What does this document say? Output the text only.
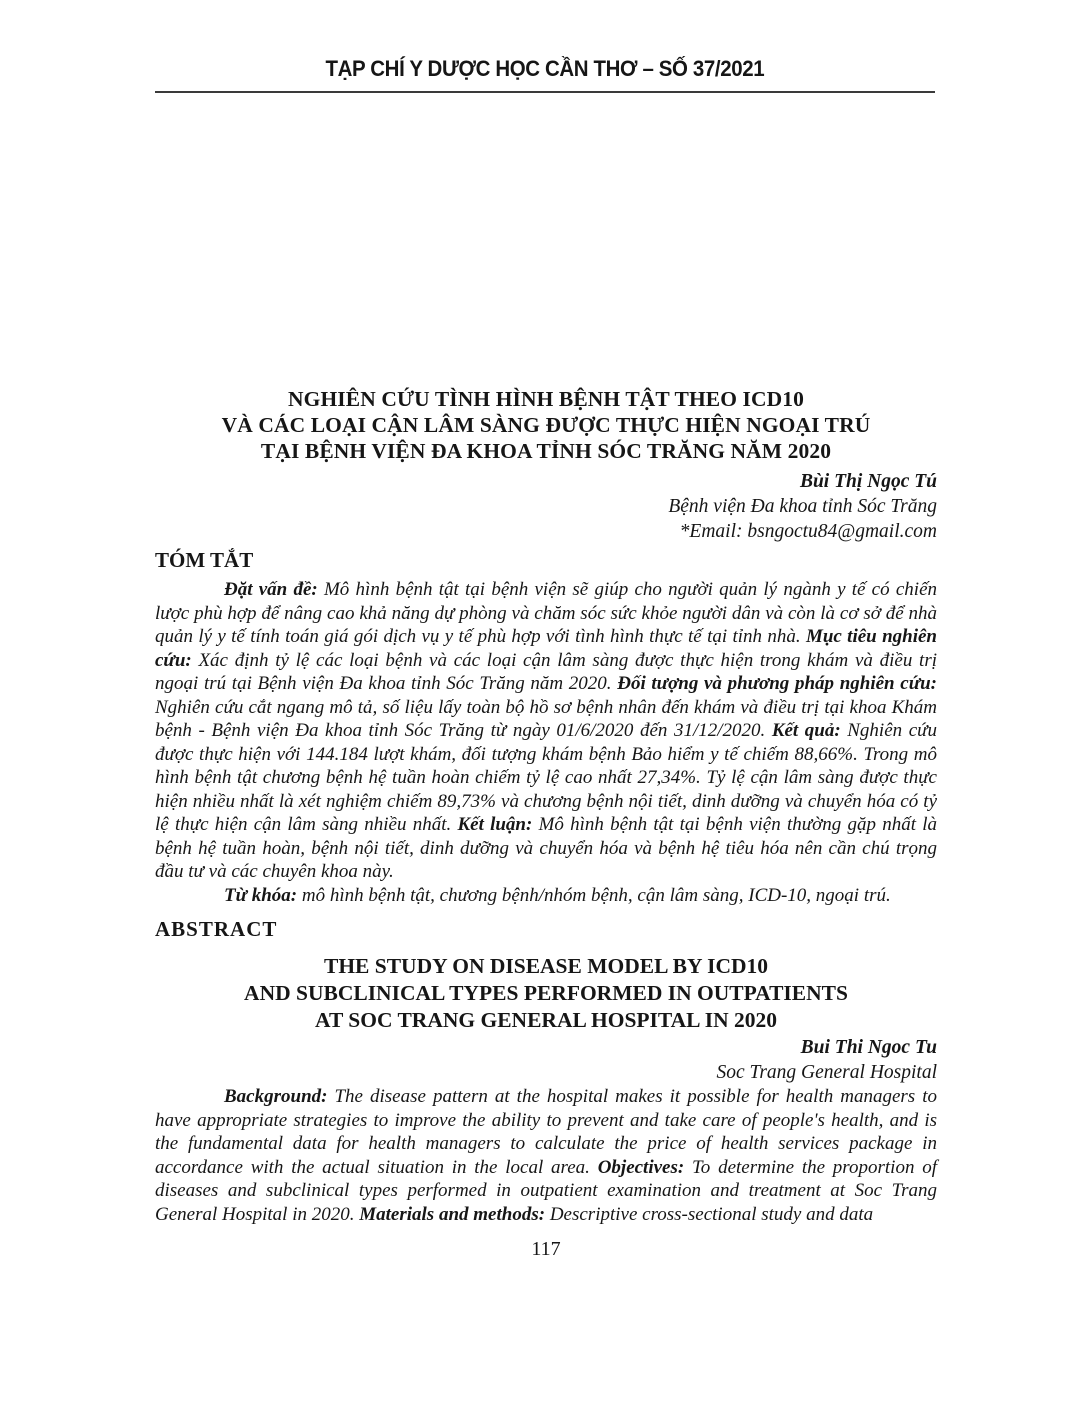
TẠP CHÍ Y DƯỢC HỌC CẦN THƠ – SỐ 37/2021
NGHIÊN CỨU TÌNH HÌNH BỆNH TẬT THEO ICD10
VÀ CÁC LOẠI CẬN LÂM SÀNG ĐƯỢC THỰC HIỆN NGOẠI TRÚ
TẠI BỆNH VIỆN ĐA KHOA TỈNH SÓC TRĂNG NĂM 2020
Bùi Thị Ngọc Tú
Bệnh viện Đa khoa tỉnh Sóc Trăng
*Email: bsngoctu84@gmail.com
TÓM TẮT

Đặt vấn đề: Mô hình bệnh tật tại bệnh viện sẽ giúp cho người quản lý ngành y tế có chiến lược phù hợp để nâng cao khả năng dự phòng và chăm sóc sức khỏe người dân và còn là cơ sở để nhà quản lý y tế tính toán giá gói dịch vụ y tế phù hợp với tình hình thực tế tại tỉnh nhà. Mục tiêu nghiên cứu: Xác định tỷ lệ các loại bệnh và các loại cận lâm sàng được thực hiện trong khám và điều trị ngoại trú tại Bệnh viện Đa khoa tỉnh Sóc Trăng năm 2020. Đối tượng và phương pháp nghiên cứu: Nghiên cứu cắt ngang mô tả, số liệu lấy toàn bộ hồ sơ bệnh nhân đến khám và điều trị tại khoa Khám bệnh - Bệnh viện Đa khoa tỉnh Sóc Trăng từ ngày 01/6/2020 đến 31/12/2020. Kết quả: Nghiên cứu được thực hiện với 144.184 lượt khám, đối tượng khám bệnh Bảo hiểm y tế chiếm 88,66%. Trong mô hình bệnh tật chương bệnh hệ tuần hoàn chiếm tỷ lệ cao nhất 27,34%. Tỷ lệ cận lâm sàng được thực hiện nhiều nhất là xét nghiệm chiếm 89,73% và chương bệnh nội tiết, dinh dưỡng và chuyển hóa có tỷ lệ thực hiện cận lâm sàng nhiều nhất. Kết luận: Mô hình bệnh tật tại bệnh viện thường gặp nhất là bệnh hệ tuần hoàn, bệnh nội tiết, dinh dưỡng và chuyển hóa và bệnh hệ tiêu hóa nên cần chú trọng đầu tư và các chuyên khoa này.

Từ khóa: mô hình bệnh tật, chương bệnh/nhóm bệnh, cận lâm sàng, ICD-10, ngoại trú.

ABSTRACT
THE STUDY ON DISEASE MODEL BY ICD10
AND SUBCLINICAL TYPES PERFORMED IN OUTPATIENTS
AT SOC TRANG GENERAL HOSPITAL IN 2020
Bui Thi Ngoc Tu
Soc Trang General Hospital

Background: The disease pattern at the hospital makes it possible for health managers to have appropriate strategies to improve the ability to prevent and take care of people's health, and is the fundamental data for health managers to calculate the price of health services package in accordance with the actual situation in the local area. Objectives: To determine the proportion of diseases and subclinical types performed in outpatient examination and treatment at Soc Trang General Hospital in 2020. Materials and methods: Descriptive cross-sectional study and data

117
